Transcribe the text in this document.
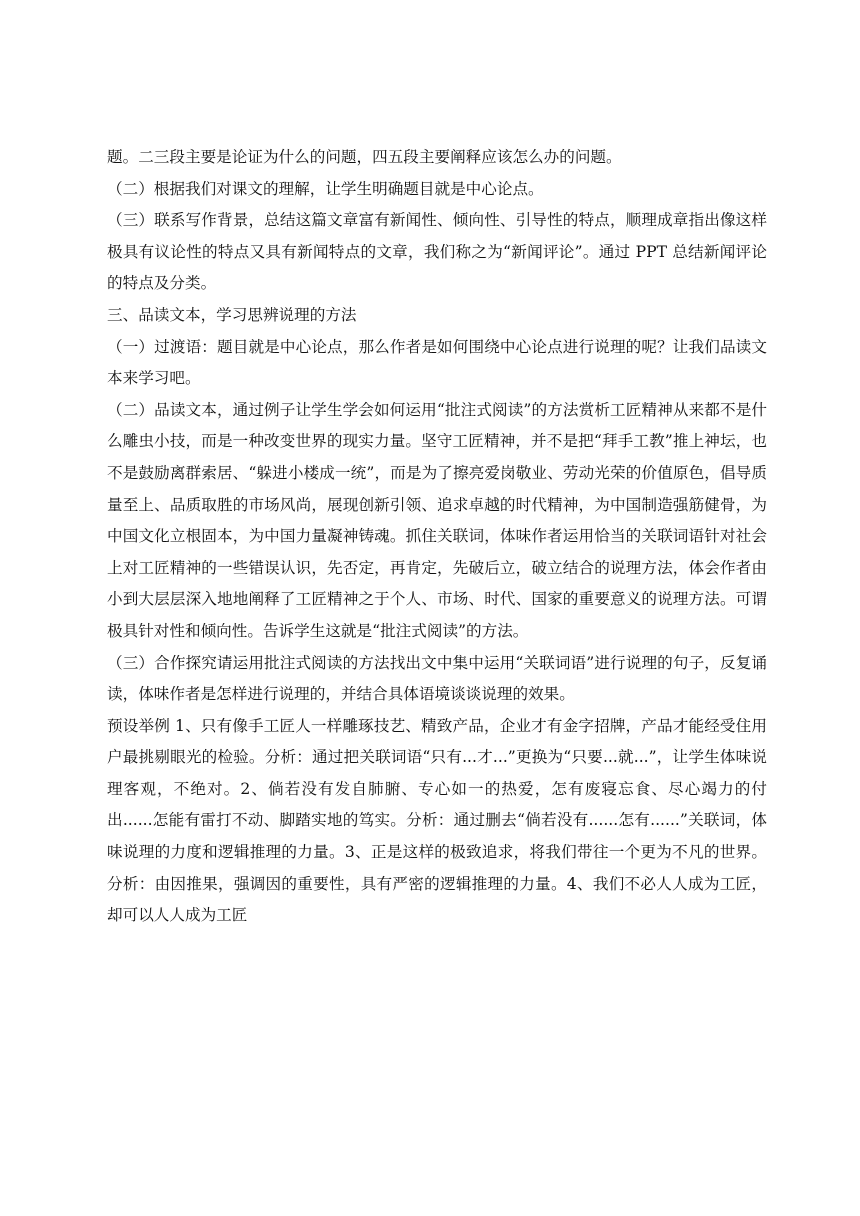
题。二三段主要是论证为什么的问题，四五段主要阐释应该怎么办的问题。

（二）根据我们对课文的理解，让学生明确题目就是中心论点。

（三）联系写作背景，总结这篇文章富有新闻性、倾向性、引导性的特点，顺理成章指出像这样极具有议论性的特点又具有新闻特点的文章，我们称之为“新闻评论”。通过 PPT 总结新闻评论的特点及分类。

三、品读文本，学习思辨说理的方法

（一）过渡语：题目就是中心论点，那么作者是如何围绕中心论点进行说理的呢？让我们品读文本来学习吧。

（二）品读文本，通过例子让学生学会如何运用“批注式阅读”的方法赏析工匠精神从来都不是什么雕虫小技，而是一种改变世界的现实力量。坚守工匠精神，并不是把“拜手工教”推上神坛，也不是鼓励离群索居、“躲进小楼成一统”，而是为了擦亮爱岗敬业、劳动光荣的价值原色，倡导质量至上、品质取胜的市场风尚，展现创新引领、追求卓越的时代精神，为中国制造强筋健骨，为中国文化立根固本，为中国力量凝神铸魂。抓住关联词，体味作者运用恰当的关联词语针对社会上对工匠精神的一些错误认识，先否定，再肯定，先破后立，破立结合的说理方法，体会作者由小到大层层深入地地阐释了工匠精神之于个人、市场、时代、国家的重要意义的说理方法。可谓极具针对性和倾向性。告诉学生这就是“批注式阅读”的方法。

（三）合作探究请运用批注式阅读的方法找出文中集中运用“关联词语”进行说理的句子，反复诵读，体味作者是怎样进行说理的，并结合具体语境谈谈说理的效果。

预设举例 1、只有像手工匠人一样雕琢技艺、精致产品，企业才有金字招牌，产品才能经受住用户最挑剔眼光的检验。分析：通过把关联词语“只有...才...”更换为“只要...就...”，让学生体味说理客观，不绝对。2、倘若没有发自肺腑、专心如一的热爱，怎有废寝忘食、尽心竭力的付出......怎能有雷打不动、脚踏实地的笃实。分析：通过删去“倘若没有......怎有......”关联词，体味说理的力度和逻辑推理的力量。3、正是这样的极致追求，将我们带往一个更为不凡的世界。分析：由因推果，强调因的重要性，具有严密的逻辑推理的力量。4、我们不必人人成为工匠，却可以人人成为工匠
